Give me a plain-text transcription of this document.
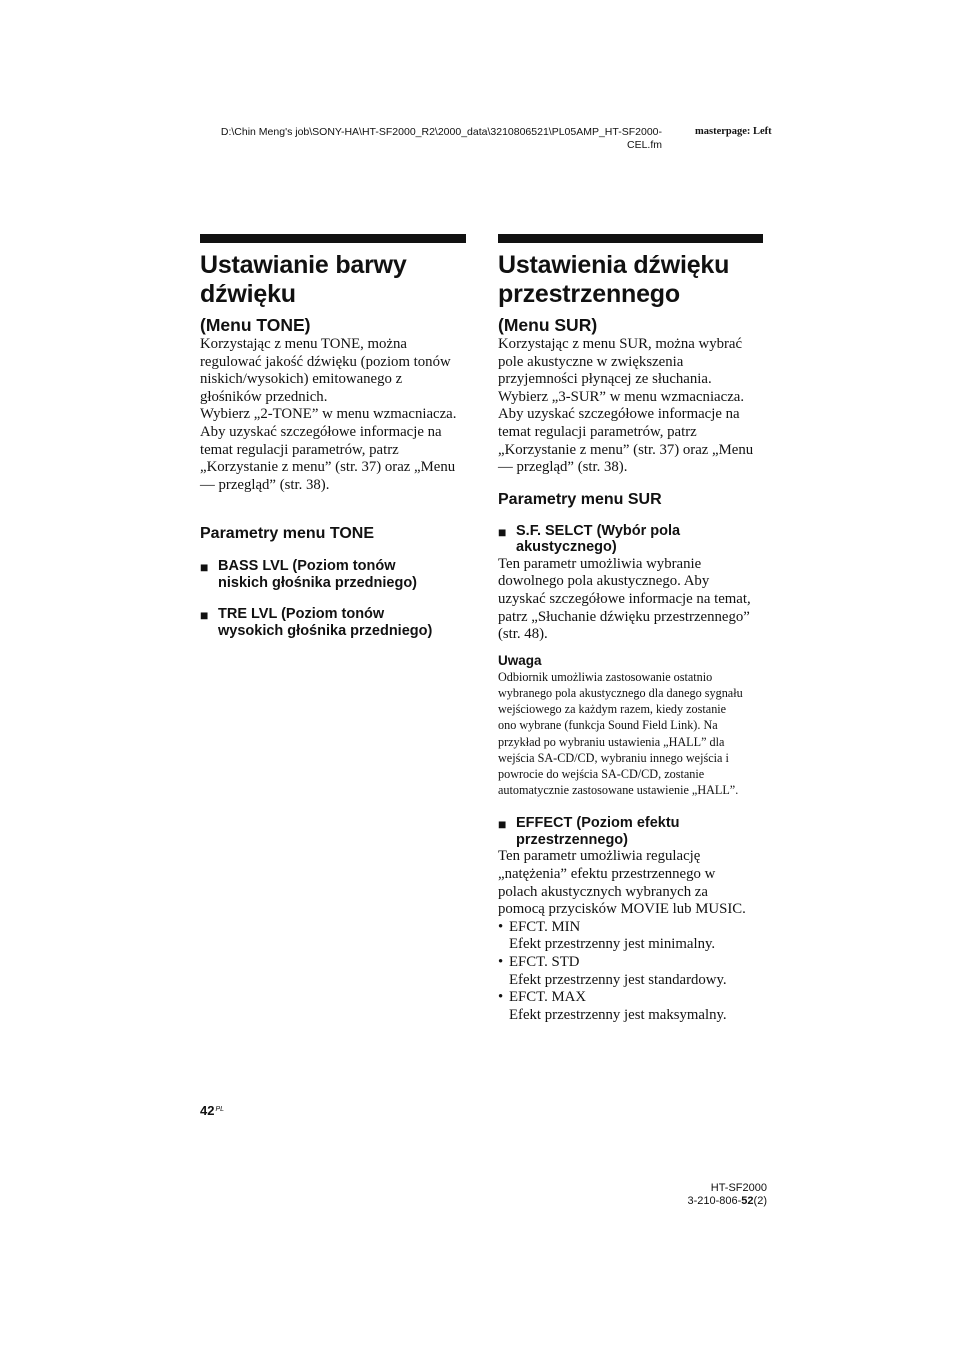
D:\Chin Meng's job\SONY-HA\HT-SF2000_R2\2000_data\3210806521\PL05AMP_HT-SF2000-
CEL.fm
masterpage: Left
Ustawianie barwy
dźwięku
(Menu TONE)

Korzystając z menu TONE, można
regulować jakość dźwięku (poziom tonów
niskich/wysokich) emitowanego z
głośników przednich.
Wybierz „2-TONE” w menu wzmacniacza.
Aby uzyskać szczegółowe informacje na
temat regulacji parametrów, patrz
„Korzystanie z menu” (str. 37) oraz „Menu
— przegląd” (str. 38).

Parametry menu TONE
■ BASS LVL (Poziom tonów
niskich głośnika przedniego)
■ TRE LVL (Poziom tonów
wysokich głośnika przedniego)
Ustawienia dźwięku
przestrzennego
(Menu SUR)

Korzystając z menu SUR, można wybrać
pole akustyczne w zwiększenia
przyjemności płynącej ze słuchania.
Wybierz „3-SUR” w menu wzmacniacza.
Aby uzyskać szczegółowe informacje na
temat regulacji parametrów, patrz
„Korzystanie z menu” (str. 37) oraz „Menu
— przegląd” (str. 38).

Parametry menu SUR
■ S.F. SELCT (Wybór pola
akustycznego)

Ten parametr umożliwia wybranie
dowolnego pola akustycznego. Aby
uzyskać szczegółowe informacje na temat,
patrz „Słuchanie dźwięku przestrzennego”
(str. 48).

Uwaga

Odbiornik umożliwia zastosowanie ostatnio
wybranego pola akustycznego dla danego sygnału
wejściowego za każdym razem, kiedy zostanie
ono wybrane (funkcja Sound Field Link). Na
przykład po wybraniu ustawienia „HALL” dla
wejścia SA-CD/CD, wybraniu innego wejścia i
powrocie do wejścia SA-CD/CD, zostanie
automatycznie zastosowane ustawienie „HALL”.

■ EFFECT (Poziom efektu
przestrzennego)

Ten parametr umożliwia regulację
„natężenia” efektu przestrzennego w
polach akustycznych wybranych za
pomocą przycisków MOVIE lub MUSIC.

• EFCT. MIN
Efekt przestrzenny jest minimalny.
• EFCT. STD
Efekt przestrzenny jest standardowy.
• EFCT. MAX
Efekt przestrzenny jest maksymalny.
$42^{PL}$
HT-SF2000
3-210-806-52(2)
